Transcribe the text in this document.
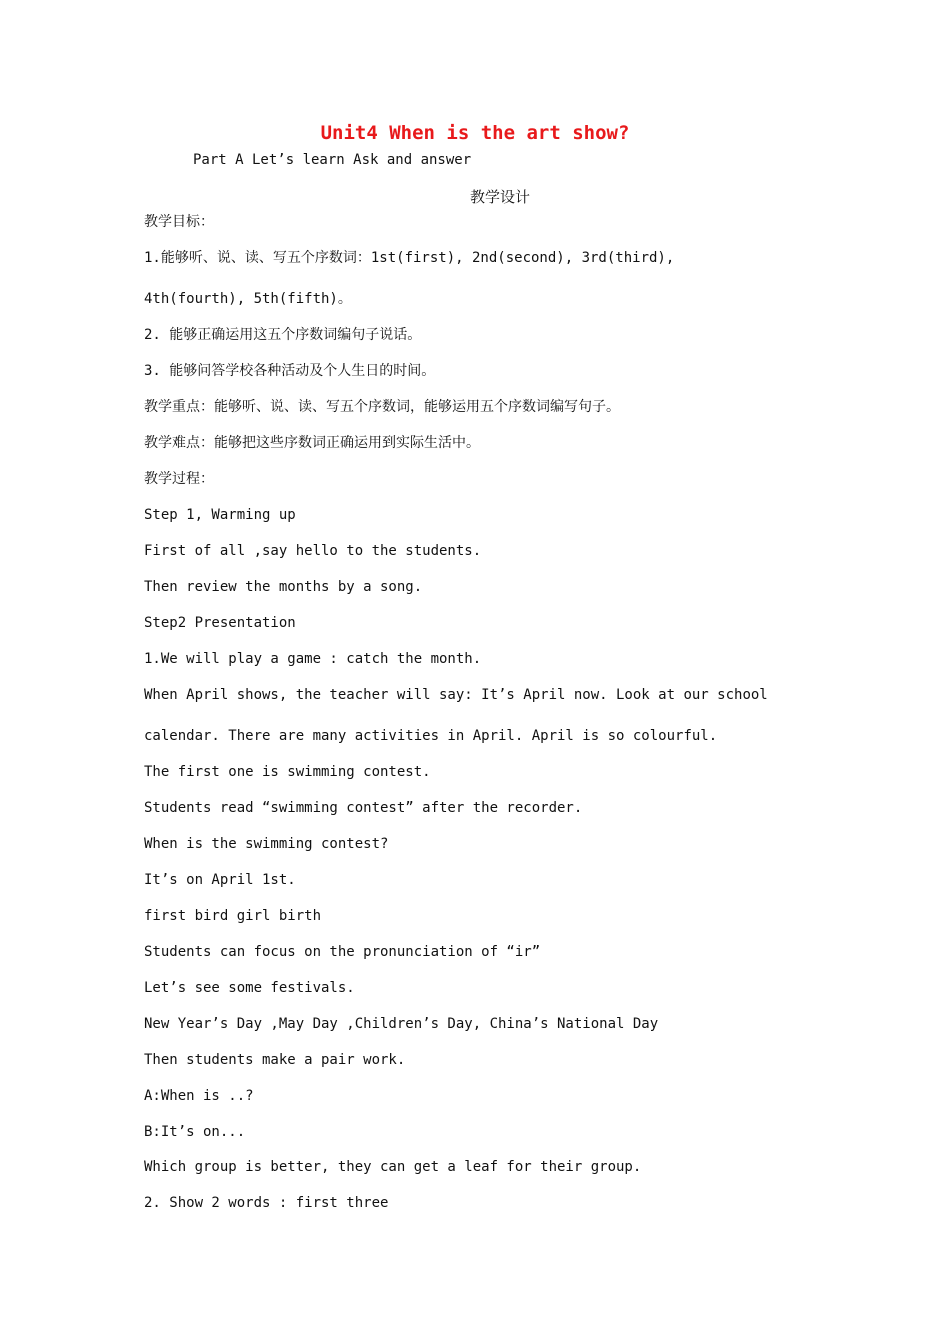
Unit4 When is the art show?
Part A Let’s learn Ask and answer
教学设计
教学目标：
1.能够听、说、读、写五个序数词：1st(first), 2nd(second), 3rd(third),
4th(fourth), 5th(fifth)。
2. 能够正确运用这五个序数词编句子说话。
3. 能够问答学校各种活动及个人生日的时间。
教学重点：能够听、说、读、写五个序数词，能够运用五个序数词编写句子。
教学难点：能够把这些序数词正确运用到实际生活中。
教学过程：
Step 1, Warming up
First of all ,say hello to the students.
Then review the months by a song.
Step2 Presentation
1.We will play a game : catch the month.
When April shows, the teacher will say: It’s April now. Look at our school
calendar. There are many activities in April. April is so colourful.
The first one is swimming contest.
Students read “swimming contest” after the recorder.
When is the swimming contest?
It’s on April 1st.
first bird girl birth
Students can focus on the pronunciation of “ir”
Let’s see some festivals.
New Year’s Day ,May Day ,Children’s Day, China’s National Day
Then students make a pair work.
A:When is ..?
B:It’s on...
Which group is better, they can get a leaf for their group.
2. Show 2 words : first three
